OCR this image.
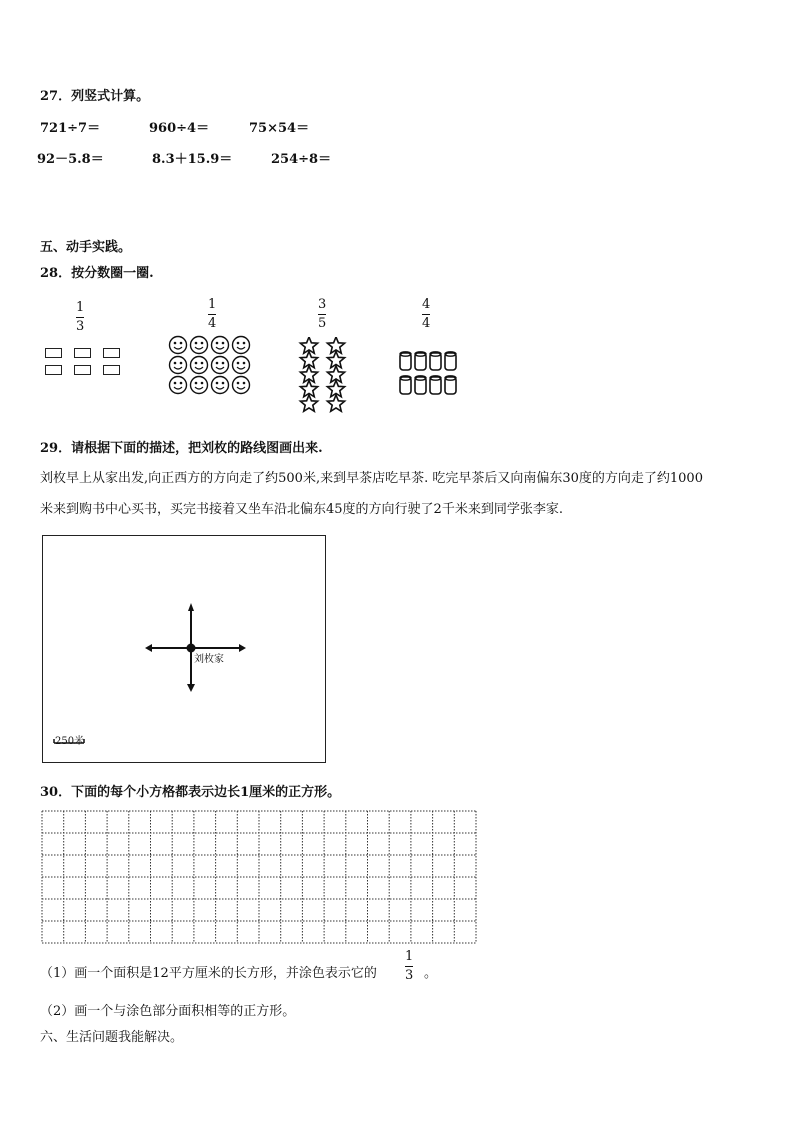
27．列竖式计算。
721÷7＝	960÷4＝	75×54＝
92－5.8＝	8.3＋15.9＝	254÷8＝
五、动手实践。
28．按分数圈一圈.
1
3
1
4
3
5
4
4
29．请根据下面的描述，把刘枚的路线图画出来.
刘枚早上从家出发,向正西方的方向走了约500米,来到早茶店吃早茶. 吃完早茶后又向南偏东30度的方向走了约1000
米来到购书中心买书，买完书接着又坐车沿北偏东45度的方向行驶了2千米来到同学张李家.
刘枚家
250米
30．下面的每个小方格都表示边长1厘米的正方形。
（1）画一个面积是12平方厘米的长方形，并涂色表示它的
1
3 。
（2）画一个与涂色部分面积相等的正方形。
六、生活问题我能解决。
